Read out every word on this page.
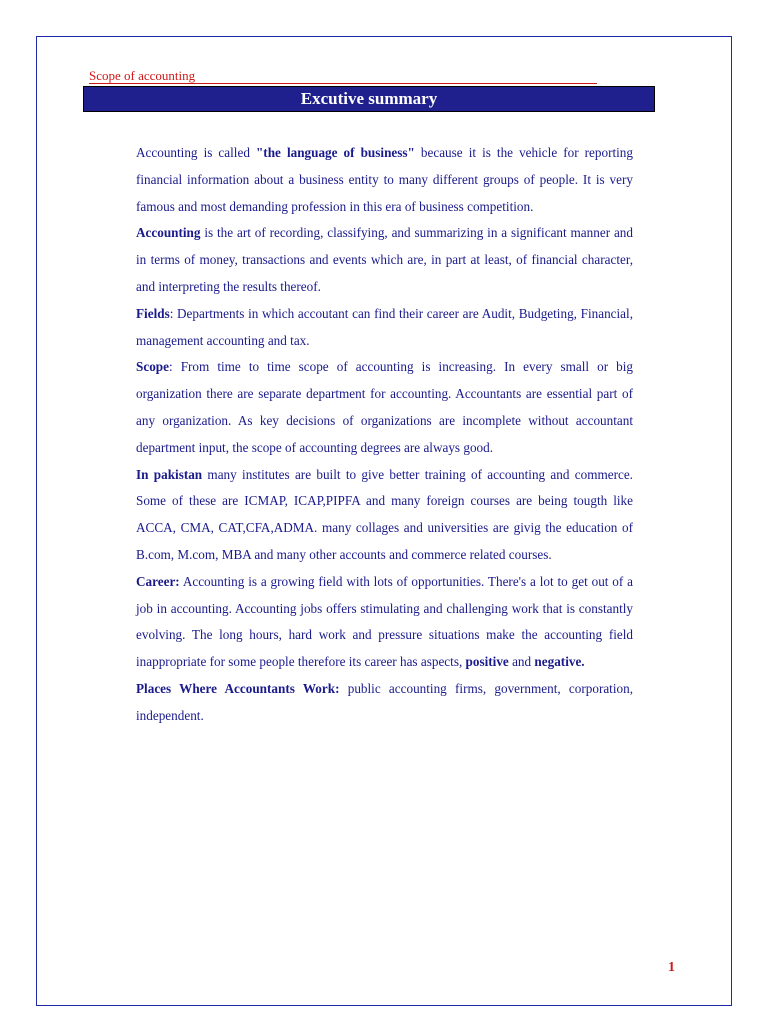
Scope of accounting
Excutive summary

Accounting is called "the language of business" because it is the vehicle for reporting financial information about a business entity to many different groups of people. It is very famous and most demanding profession in this era of business competition.

Accounting is the art of recording, classifying, and summarizing in a significant manner and in terms of money, transactions and events which are, in part at least, of financial character, and interpreting the results thereof.

Fields: Departments in which accoutant can find their career are Audit, Budgeting, Financial, management accounting and tax.

Scope: From time to time scope of accounting is increasing. In every small or big organization there are separate department for accounting. Accountants are essential part of any organization. As key decisions of organizations are incomplete without accountant department input, the scope of accounting degrees are always good.

In pakistan many institutes are built to give better training of accounting and commerce. Some of these are ICMAP, ICAP,PIPFA and many foreign courses are being tougth like ACCA, CMA, CAT,CFA,ADMA. many collages and universities are givig the education of B.com, M.com, MBA and many other accounts and commerce related courses.

Career: Accounting is a growing field with lots of opportunities. There's a lot to get out of a job in accounting. Accounting jobs offers stimulating and challenging work that is constantly evolving. The long hours, hard work and pressure situations make the accounting field inappropriate for some people therefore its career has aspects, positive and negative.

Places Where Accountants Work: public accounting firms, government, corporation, independent.

1
